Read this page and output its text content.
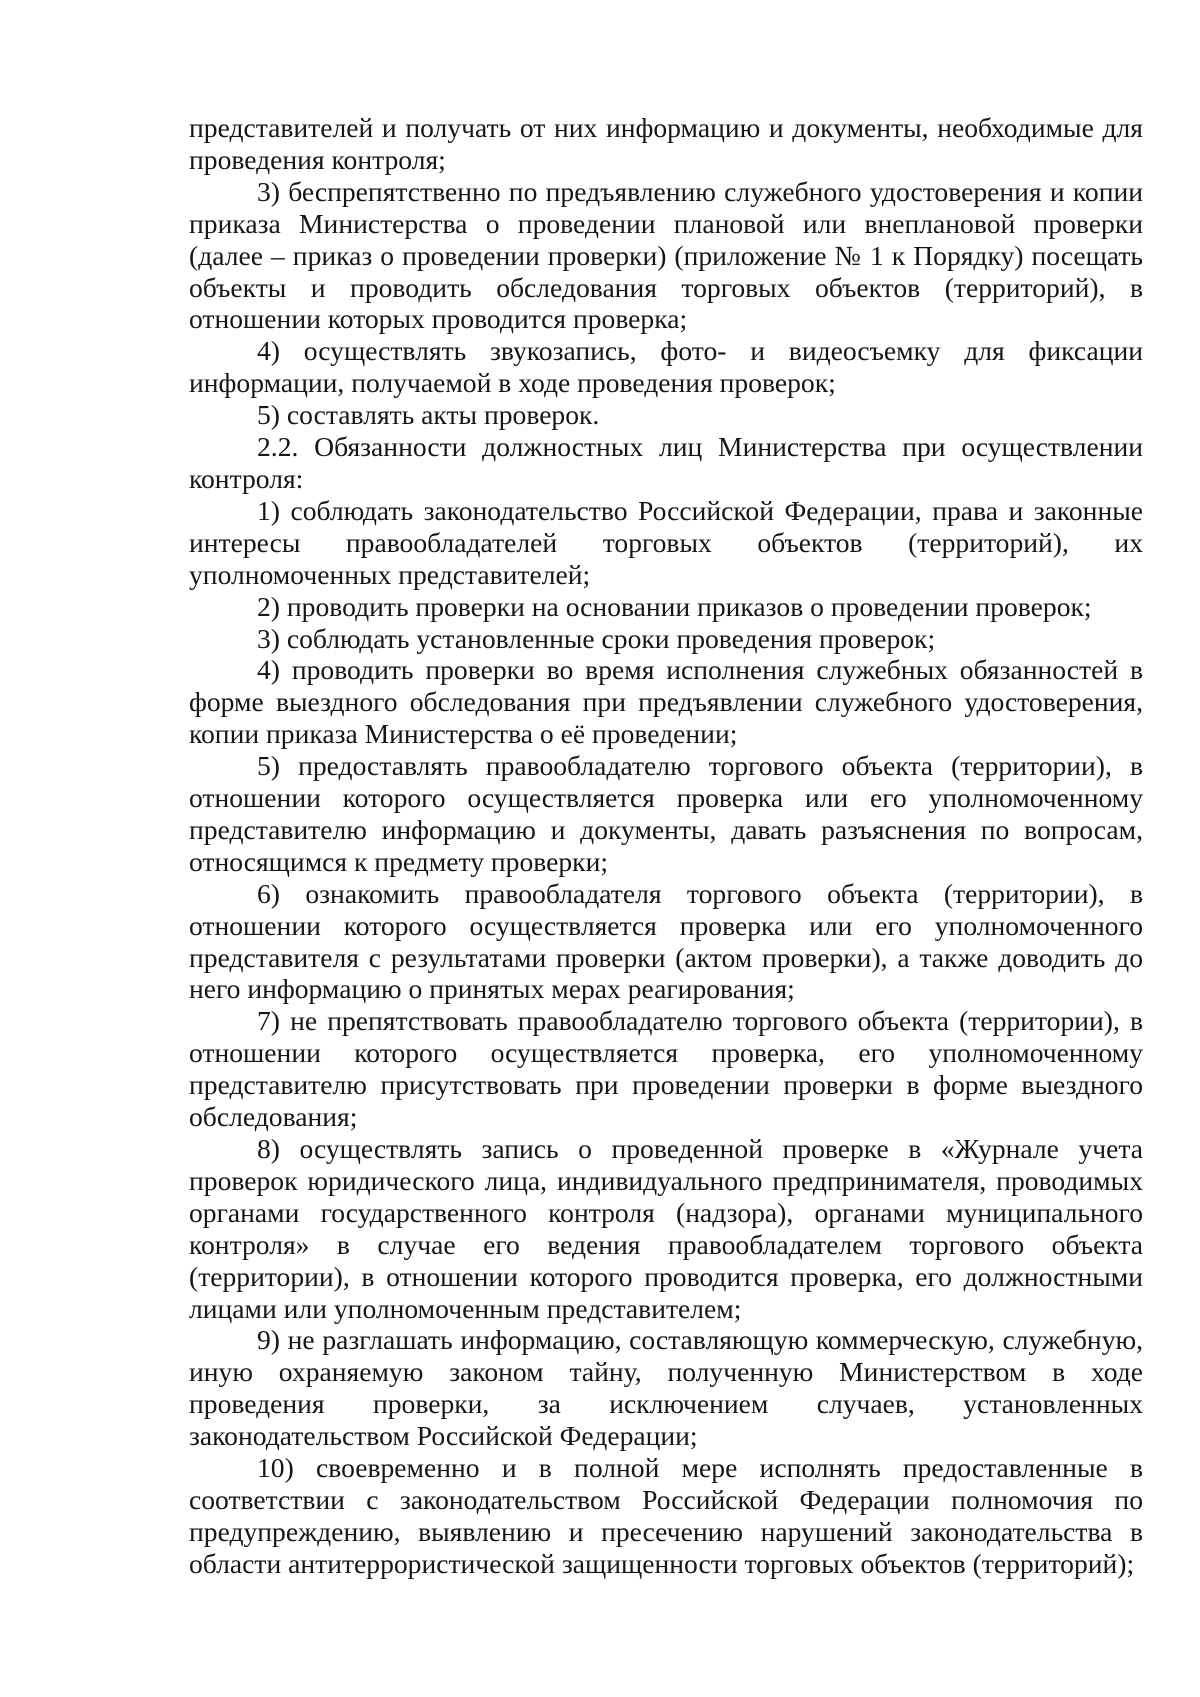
представителей и получать от них информацию и документы, необходимые для проведения контроля;

3) беспрепятственно по предъявлению служебного удостоверения и копии приказа Министерства о проведении плановой или внеплановой проверки (далее – приказ о проведении проверки) (приложение № 1 к Порядку) посещать объекты и проводить обследования торговых объектов (территорий), в отношении которых проводится проверка;

4) осуществлять звукозапись, фото- и видеосъемку для фиксации информации, получаемой в ходе проведения проверок;

5) составлять акты проверок.

2.2. Обязанности должностных лиц Министерства при осуществлении контроля:

1) соблюдать законодательство Российской Федерации, права и законные интересы правообладателей торговых объектов (территорий), их уполномоченных представителей;

2) проводить проверки на основании приказов о проведении проверок;

3) соблюдать установленные сроки проведения проверок;

4) проводить проверки во время исполнения служебных обязанностей в форме выездного обследования при предъявлении служебного удостоверения, копии приказа Министерства о её проведении;

5) предоставлять правообладателю торгового объекта (территории), в отношении которого осуществляется проверка или его уполномоченному представителю информацию и документы, давать разъяснения по вопросам, относящимся к предмету проверки;

6) ознакомить правообладателя торгового объекта (территории), в отношении которого осуществляется проверка или его уполномоченного представителя с результатами проверки (актом проверки), а также доводить до него информацию о принятых мерах реагирования;

7) не препятствовать правообладателю торгового объекта (территории), в отношении которого осуществляется проверка, его уполномоченному представителю присутствовать при проведении проверки в форме выездного обследования;

8) осуществлять запись о проведенной проверке в «Журнале учета проверок юридического лица, индивидуального предпринимателя, проводимых органами государственного контроля (надзора), органами муниципального контроля» в случае его ведения правообладателем торгового объекта (территории), в отношении которого проводится проверка, его должностными лицами или уполномоченным представителем;

9) не разглашать информацию, составляющую коммерческую, служебную, иную охраняемую законом тайну, полученную Министерством в ходе проведения проверки, за исключением случаев, установленных законодательством Российской Федерации;

10) своевременно и в полной мере исполнять предоставленные в соответствии с законодательством Российской Федерации полномочия по предупреждению, выявлению и пресечению нарушений законодательства в области антитеррористической защищенности торговых объектов (территорий);
